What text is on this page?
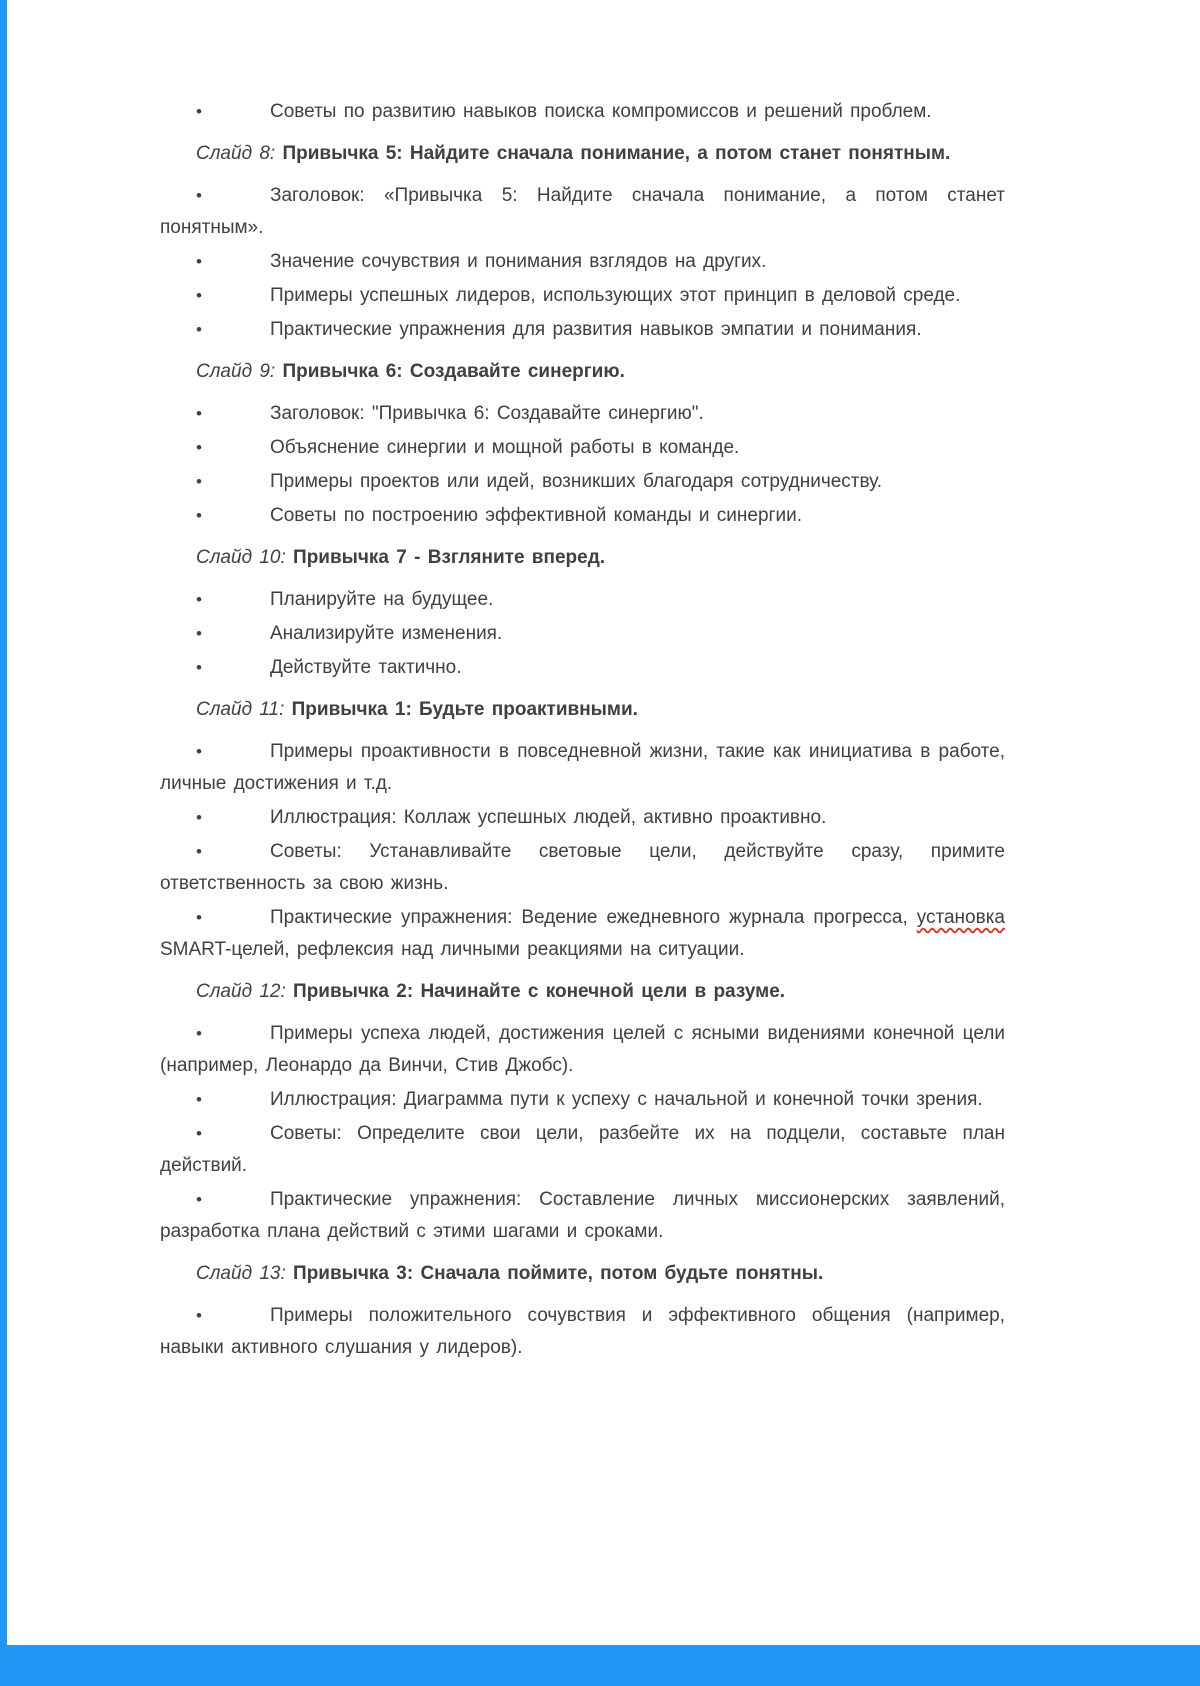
•	Советы по развитию навыков поиска компромиссов и решений проблем.

Слайд 8: Привычка 5: Найдите сначала понимание, а потом станет понятным.

•	Заголовок: «Привычка 5: Найдите сначала понимание, а потом станет понятным».

•	Значение сочувствия и понимания взглядов на других.

•	Примеры успешных лидеров, использующих этот принцип в деловой среде.

•	Практические упражнения для развития навыков эмпатии и понимания.

Слайд 9: Привычка 6: Создавайте синергию.

•	Заголовок: "Привычка 6: Создавайте синергию".

•	Объяснение синергии и мощной работы в команде.

•	Примеры проектов или идей, возникших благодаря сотрудничеству.

•	Советы по построению эффективной команды и синергии.

Слайд 10: Привычка 7 - Взгляните вперед.

•	Планируйте на будущее.

•	Анализируйте изменения.

•	Действуйте тактично.

Слайд 11: Привычка 1: Будьте проактивными.

•	Примеры проактивности в повседневной жизни, такие как инициатива в работе, личные достижения и т.д.

•	Иллюстрация: Коллаж успешных людей, активно проактивно.

•	Советы: Устанавливайте световые цели, действуйте сразу, примите ответственность за свою жизнь.

•	Практические упражнения: Ведение ежедневного журнала прогресса, установка SMART-целей, рефлексия над личными реакциями на ситуации.

Слайд 12: Привычка 2: Начинайте с конечной цели в разуме.

•	Примеры успеха людей, достижения целей с ясными видениями конечной цели (например, Леонардо да Винчи, Стив Джобс).

•	Иллюстрация: Диаграмма пути к успеху с начальной и конечной точки зрения.

•	Советы: Определите свои цели, разбейте их на подцели, составьте план действий.

•	Практические упражнения: Составление личных миссионерских заявлений, разработка плана действий с этими шагами и сроками.

Слайд 13: Привычка 3: Сначала поймите, потом будьте понятны.

•	Примеры положительного сочувствия и эффективного общения (например, навыки активного слушания у лидеров).
